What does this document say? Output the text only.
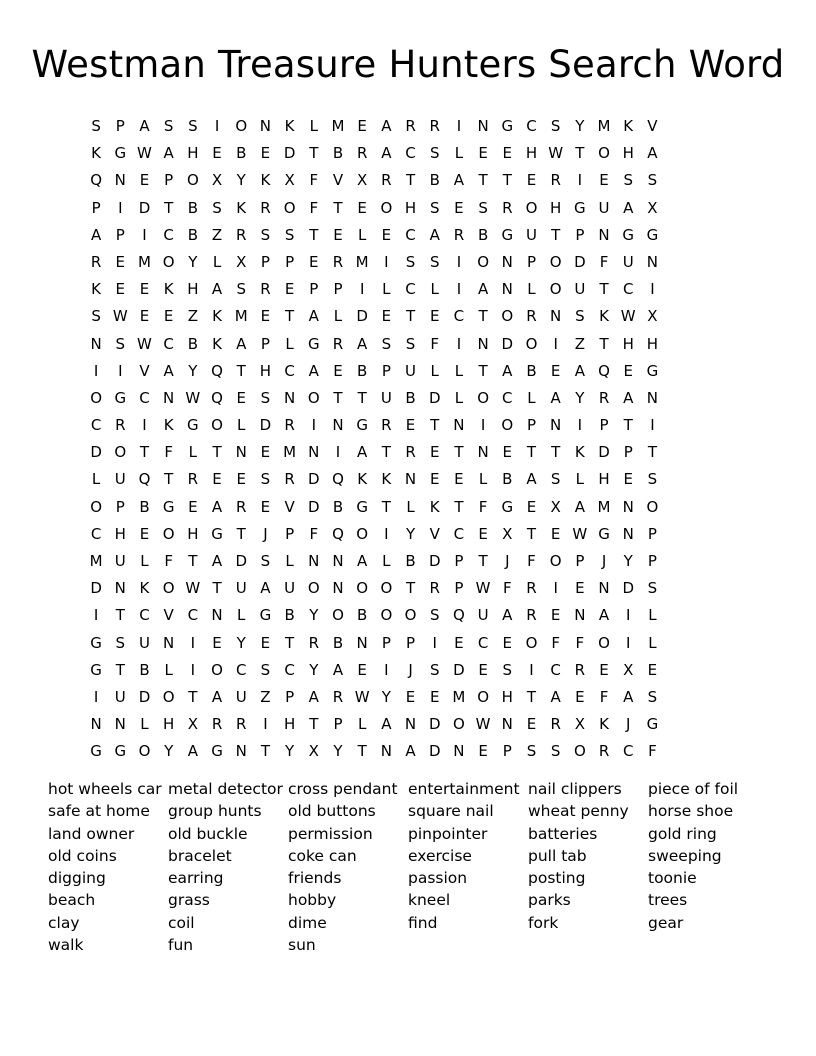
Westman Treasure Hunters Search Word
S P A S S	I	O N K	L M E A R R	I	N G C S Y M K V
K G W A H E B E D T B R A C S	L	E E H W T O H A
Q N E P O X Y K X F V X R T B A T	T E R	I	E S S
P	I	D T B S K R O F	T E O H S E S R O H G U A X
A P	I	C B Z R S S T E	L	E C A R B G U T	P N G G
R E M O Y	L X P	P E R M	I	S S	I	O N P O D F U N
K E E K H A S R E P	P	I	L C L	I	A N L O U T C	I
S W E E Z K M E T A L D E T E C T O R N S K W X
N S W C B K A P	L G R A S S	F	I	N D O	I	Z T H H
I	I	V A Y Q T H C A E B P U L	L	T A B E A Q E G
O G C N W Q E S N O T	T U B D L O C L A Y R A N
C R	I	K G O L D R	I	N G R E T N	I	O P N	I	P	T	I
D O T	F	L	T N E M N	I	A T R E T N E T	T K D P	T
L U Q T R E E S R D Q K K N E E	L B A S	L H E S
O P B G E A R E V D B G T	L	K T	F G E X A M N O
C H E O H G T	J	P	F Q O	I	Y V C E X T E W G N P
M U L	F	T A D S	L N N A L B D P	T	J	F O P	J	Y	P
D N K O W T U A U O N O O T R P W F R	I	E N D S
I	T C V C N L G B Y O B O O S Q U A R E N A	I	L
G S U N	I	E Y E T R B N P	P	I	E C E O F	F O	I	L
G T B L	I	O C S C Y A E	I	J	S D E S	I	C R E X E
I	U D O T A U Z P A R W Y E E M O H T A E	F A S
N N L H X R R	I	H T	P	L A N D O W N E R X K	J	G
G G O Y A G N T	Y X Y	T N A D N E P S S O R C F
hot wheels car
safe at home
land owner
old coins
digging
beach
clay
walk
metal detector
group hunts
old buckle
bracelet
earring
grass
coil
fun
cross pendant
old buttons
permission
coke can
friends
hobby
dime
sun
entertainment
square nail
pinpointer
exercise
passion
kneel
find
nail clippers
wheat penny
batteries
pull tab
posting
parks
fork
piece of foil
horse shoe
gold ring
sweeping
toonie
trees
gear
